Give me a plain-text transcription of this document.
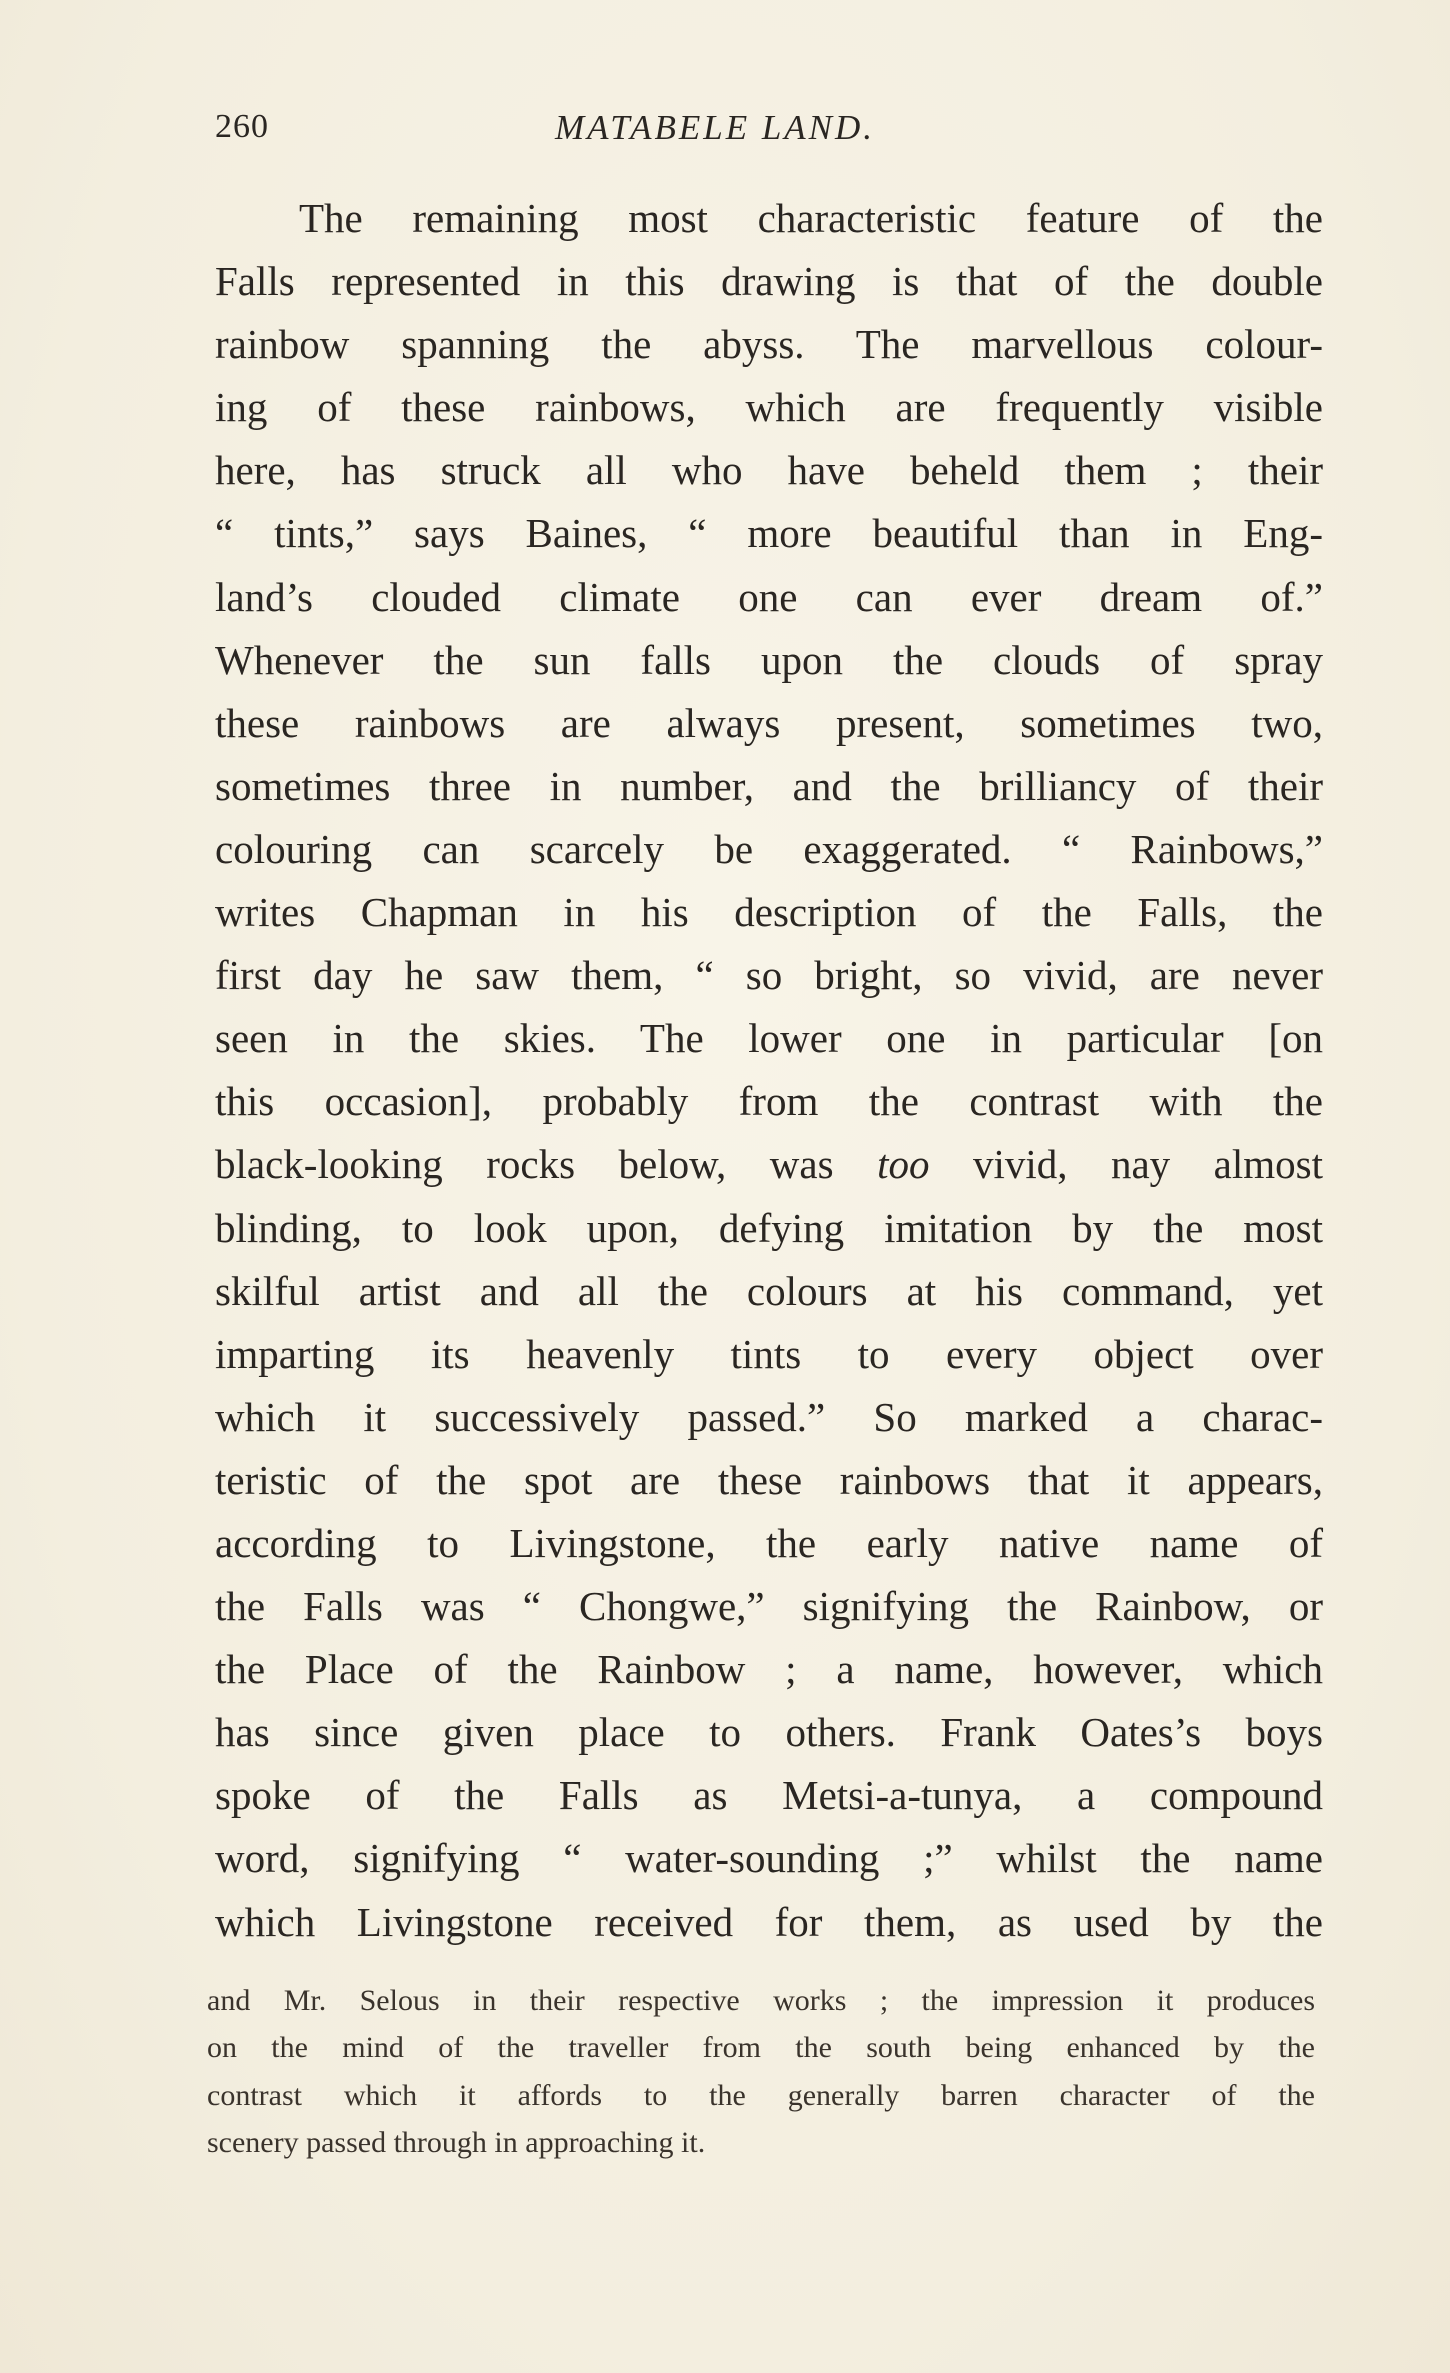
260	MATABELE LAND.
The remaining most characteristic feature of the
Falls represented in this drawing is that of the double
rainbow spanning the abyss. The marvellous colour-
ing of these rainbows, which are frequently visible
here, has struck all who have beheld them ; their
“ tints,” says Baines, “ more beautiful than in Eng-
land’s clouded climate one can ever dream of.”
Whenever the sun falls upon the clouds of spray
these rainbows are always present, sometimes two,
sometimes three in number, and the brilliancy of their
colouring can scarcely be exaggerated. “ Rainbows,”
writes Chapman in his description of the Falls, the
first day he saw them, “ so bright, so vivid, are never
seen in the skies. The lower one in particular [on
this occasion], probably from the contrast with the
black-looking rocks below, was too vivid, nay almost
blinding, to look upon, defying imitation by the most
skilful artist and all the colours at his command, yet
imparting its heavenly tints to every object over
which it successively passed.” So marked a charac-
teristic of the spot are these rainbows that it appears,
according to Livingstone, the early native name of
the Falls was “ Chongwe,” signifying the Rainbow, or
the Place of the Rainbow ; a name, however, which
has since given place to others. Frank Oates’s boys
spoke of the Falls as Metsi-a-tunya, a compound
word, signifying “ water-sounding ;” whilst the name
which Livingstone received for them, as used by the
and Mr. Selous in their respective works ; the impression it produces
on the mind of the traveller from the south being enhanced by the
contrast which it affords to the generally barren character of the
scenery passed through in approaching it.
